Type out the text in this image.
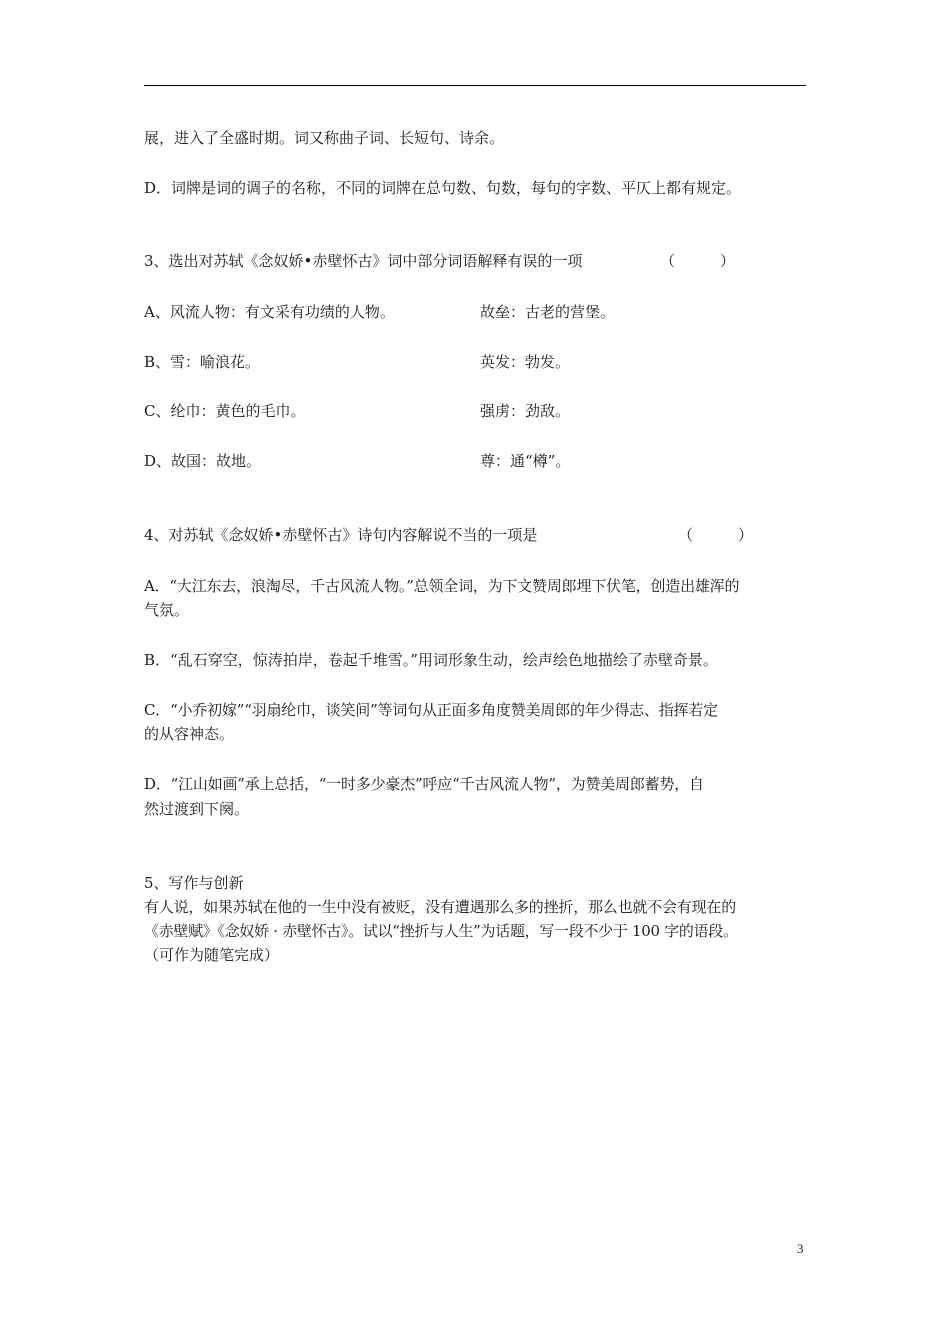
展，进入了全盛时期。词又称曲子词、长短句、诗余。
D．词牌是词的调子的名称，不同的词牌在总句数、句数，每句的字数、平仄上都有规定。
3、选出对苏轼《念奴娇•赤壁怀古》词中部分词语解释有误的一项	（　　　）
A、风流人物：有文采有功绩的人物。	故垒：古老的营堡。
B、雪：喻浪花。	英发：勃发。
C、纶巾：黄色的毛巾。	强虏：劲敌。
D、故国：故地。	尊：通“樽”。
4、对苏轼《念奴娇•赤壁怀古》诗句内容解说不当的一项是	（　　　）
A．“大江东去，浪淘尽，千古风流人物。”总领全词，为下文赞周郎埋下伏笔，创造出雄浑的
气氛。
B．“乱石穿空，惊涛拍岸，卷起千堆雪。”用词形象生动，绘声绘色地描绘了赤壁奇景。
C．“小乔初嫁”“羽扇纶巾，谈笑间”等词句从正面多角度赞美周郎的年少得志、指挥若定
的从容神态。
D．“江山如画”承上总括，“一时多少豪杰”呼应“千古风流人物”，为赞美周郎蓄势，自
然过渡到下阕。
5、写作与创新
有人说，如果苏轼在他的一生中没有被贬，没有遭遇那么多的挫折，那么也就不会有现在的
《赤壁赋》《念奴娇 · 赤壁怀古》。试以“挫折与人生”为话题，写一段不少于 100 字的语段。
（可作为随笔完成）
3
